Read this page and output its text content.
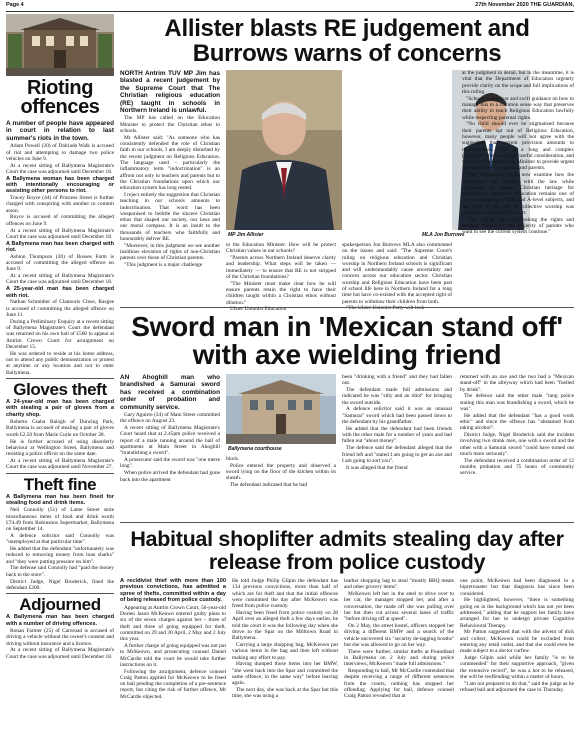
Page 4	27th November 2020 THE GUARDIAN,
Rioting offences

A number of people have appeared in court in relation to last summer's riots in the town.

Adam Powell (20) of Dalriada Walk is accused of riot and attempting to damage two police vehicles on June 9.

At a recent sitting of Ballymena Magistrate's Court the case was adjourned until December 18.

A Ballymena woman has been charged with intentionally encouraging or assisting other persons to riot.

Tracey Boyce (44) of Princess Street is further charged with conspiring with another to commit arson.

Boyce is accused of committing the alleged offences on June 9.

At a recent sitting of Ballymena Magistrate's Court the case was adjourned until December 18.

A Ballymena man has been charged with riot.

Ashton Thompson (20) of Rosses Farm is accused of committing the alleged offence on June 9.

At a recent sitting of Ballymena Magistrate's Court the case was adjourned until December 18.

A 25-year-old man has been charged with riot.

Nathan Schmidter of Clannoris Close, Rasgee is accused of committing the alleged offence on June 11.

During a Preliminary Enquiry at a recent sitting of Ballymena Magistrate's Court the defendant was returned on his own bail of £500 to appear at Antrim Crown Court for arraignment on December 15.

He was ordered to reside at his home address, not to attend any public demonstration or protest at anytime or any location and not to enter Ballymena.

Gloves theft

A 24-year-old man has been charged with stealing a pair of gloves from a charity shop.

Roberto Csaba Balogh of Dunclug Park, Ballymena is accused of stealing a pair of gloves worth £2.50 from Marie Curie on October 28.

He is further accused of using disorderly behaviour at Wellington Street, Ballymena and resisting a police officer on the same date.

At a recent sitting of Ballymena Magistrate's Court the case was adjourned until November 27.

Theft fine

A Ballymena man has been fined for stealing food and drink items.

Neil Connolly (51) of Lame Street stole miscellaneous items of food and drink worth £74.49 from Robinsons Supermarket, Ballymena on September 14.

A defence solicitor said Connolly was "unemployed at that particular time".

He added that the defendant "unfortunately was reduced to removing money from loan sharks" and "they were putting pressure on him".

The defense said Connolly had "paid the money back to the store".

District Judge, Nigel Broderick, fined the defendant £200.

Adjourned

A Ballymena man has been charged with a number of driving offences.

Ronan Farmer (25) of Carnroad is accused of driving a vehicle without the owner's consent and driving without insurance and a licence.

At a recent sitting of Ballymena Magistrate's Court the case was adjourned until December 18.

Allister blasts RE judgement and Burrows warns of concerns

NORTH Antrim TUV MP Jim has blasted a recent judgement by the Supreme Court that The Christian religious education (RE) taught in schools in Northern Ireland is unlawful.

The MP has called on the Education Minister to protect the Christian ethos in schools.

Mr Allister said: "As someone who has consistently defended the role of Christian faith in our schools, I am deeply disturbed by the recent judgment on Religious Education. The language used – particularly the inflammatory term "indoctrination" is an affront not only to teachers and parents but to the Christian foundations upon which our education system has long rested.

I reject entirely the suggestion that Christian teaching in our schools amounts to indoctrination. That word has been weaponised to belittle the sincere Christian ethos that shaped our society, our laws and our moral compass. It is an insult to the thousands of teachers who faithfully and honourably deliver RE.

"Moreover, in this judgment we see another insidious elevation of rights of non-Christian parents over those of Christian parents.

"This judgment is a major challenge

MP Jim Allister	MLA Jon Burrows

to the Education Minister. How will he protect Christian values in our schools?

"Parents across Northern Ireland deserve clarity and leadership. What steps will be taken — immediately — to ensure that RE is not stripped of the Christian foundations?

"The Minister must make clear how he will ensure parents retain the right to have their children taught within a Christian ethos without dilution."

Ulster Unionist Education

spokesperson Jon Burrows MLA also commented on the issues and said: "The Supreme Court's ruling on religious education and Christian worship in Northern Ireland schools is significant and will understandably cause uncertainty and concern across our education sector. Christian worship and Religious Education have been part of school life here in Northern Ireland for a long time but have co-existed with the accepted right of parents to withdraw their children from both.

"The Ulster Unionist Party will look

Sword man in 'Mexican stand off' with axe wielding friend

AN Ahoghill man who brandished a Samurai sword has received a combination order of probation and community service.

Gary Aguirre (34) of Main Street committed the offence on August 23.

A recent sitting of Ballymena Magistrate's Court heard that at 2.45pm police received a report of a male running around the hall of apartments at Main Street in Ahoghill "brandishing a sword".

A prosecutor said the sword was "one metre long".

When police arrived the defendant had gone back into the apartment

Ballymena courthouse

block.

Police entered the property and observed a sword lying on the floor of the kitchen within its sheath.

The defendant indicated that he had

been "drinking with a friend" and they had fallen out.

The defendant made full admissions and indicated he was "silly and an idiot" for bringing the sword outside.

A defence solicitor said it was an unusual "Samurai" sword which had been passed down to the defendant by his grandfather.

He added that the defendant had been friends with the other male for a number of years and had fallen out "about money".

The defence said the defendant alleged that the friend left and "stated I am going to get an axe and I am going to sort you".

It was alleged that the friend

returned with an axe and the two had a "Mexican stand-off" in the alleyway which had been "fuelled by drink".

The defence said the other male "rang police stating this man was brandishing a sword, which he was".

He added that the defendant "has a good work ethic" and since the offence has "abstained from taking alcohol".

District Judge, Nigel Broderick said the incident involving two drunk men, one with a sword and the other with a Samurai sword "could have turned out much more seriously".

The defendant received a combination order of 12 months probation and 75 hours of community service.

Habitual shoplifter admits stealing day after release from police custody

A recidivist thief with more than 100 previous convictions, has admitted a spree of thefts, committed within a day of being released from police custody.

Appearing at Antrim Crown Court, 56-year-old Dorien Jason McKeown entered guilty pleas to six of the seven charges against her – three of theft and three of going equipped for theft, committed on 29 and 30 April, 2 May and 2 July this year.

A further charge of going equipped was not put to McKeown, and prosecuting counsel Daniel McCardie told the court he would take further instructions on it.

Following the arraignment, defence counsel Craig Patton applied for McKeown to be freed on bail pending the completion of a pre-sentence report, but citing the risk of further offence, Mr McCardie objected.

He told Judge Philip Gilpin the defendant has 134 previous convictions, more than half of which are for theft and that the initial offences were committed the day after McKeown was freed from police custody.

Having been freed from police custody on 28 April over an alleged theft a few days earlier, he told the court it was the following day when she drove to the Spar on the Milltown Road in Ballymena.

Carrying a large shopping bag, McKeown put various items in the bag and then left without making any effort to pay.

Having dumped those items into her BMW, "she went back into the Spar and committed the same offence, in the same way" before leaving again.

The next day, she was back at the Spar but this time, she was using a

leather shopping bag to steal "mostly BBQ meats and other grocery items".

McKeown left her in the steel to drive over to her car, the manager stopped her, and after a conversation, the made off she was pulling over her but then cut across several lanes of traffic "before driving off at speed".

On 2 May, the street hostel, officers stopped her driving a different BMW and a search of the vehicle uncovered six "security de-tagging booths" but she was allowed to go on her way.

There were further, similar thefts at Poundland in Ballymena on 2 July and during police interviews, McKeown "made full admissions."

Responding to bail, Mr McCardie contended that despite receiving a range of different sentences from the courts, nothing has stopped her offending. Applying for bail, defence counsel Craig Patton revealed that at

one point, McKeown had been diagnosed in a hipretroaster but that diagnosis has since been considered.

He highlighted, however, "there is something going on in the background which has not yet been addressed," adding that he support her family have arranged for her to undergo private Cognitive Behavioural Therapy.

Mr Patton suggested that with the advent of dick and collect, McKeown could be excluded from entering any retail outlet, and that she could even be made subject to a doctor curfew.

Judge Gilpin said while her family "is to be commended" for their supportive approach, "given the extensive record", he was a hot to be released, she will be reoffending within a matter of hours.

"I am not prepared to do that," said the judge as he refused bail and adjourned the case to Thursday.

at the judgment in detail, but in the meantime, it is vital that the Department of Education urgently provide clarity on the scope and full implications of this ruling.

"Schools need clear and swift guidance on how to manage this in a common sense way that preserves their ability to teach Religious Education lawfully while respecting parental rights.

"No child should ever be stigmatised because their parents opt out of Religious Education, however, many people will not agree with the suggestion that current provision amounts to indoctrination. This is a long and complex judgment which requires careful consideration, and we expect the Education Minister to provide urgent interim clarity for schools and parents.

"The Department must now examine how the curriculum can comply with the law while continuing to respect Christian heritage for generations. Religious Education remains one of the most popular GCSE and A-level subjects, and the right to opt out of collective worship was previously addressed in court.

"This ruling risks overlooking the rights and heritage valued by the majority of parents who want to see the current system continue."
